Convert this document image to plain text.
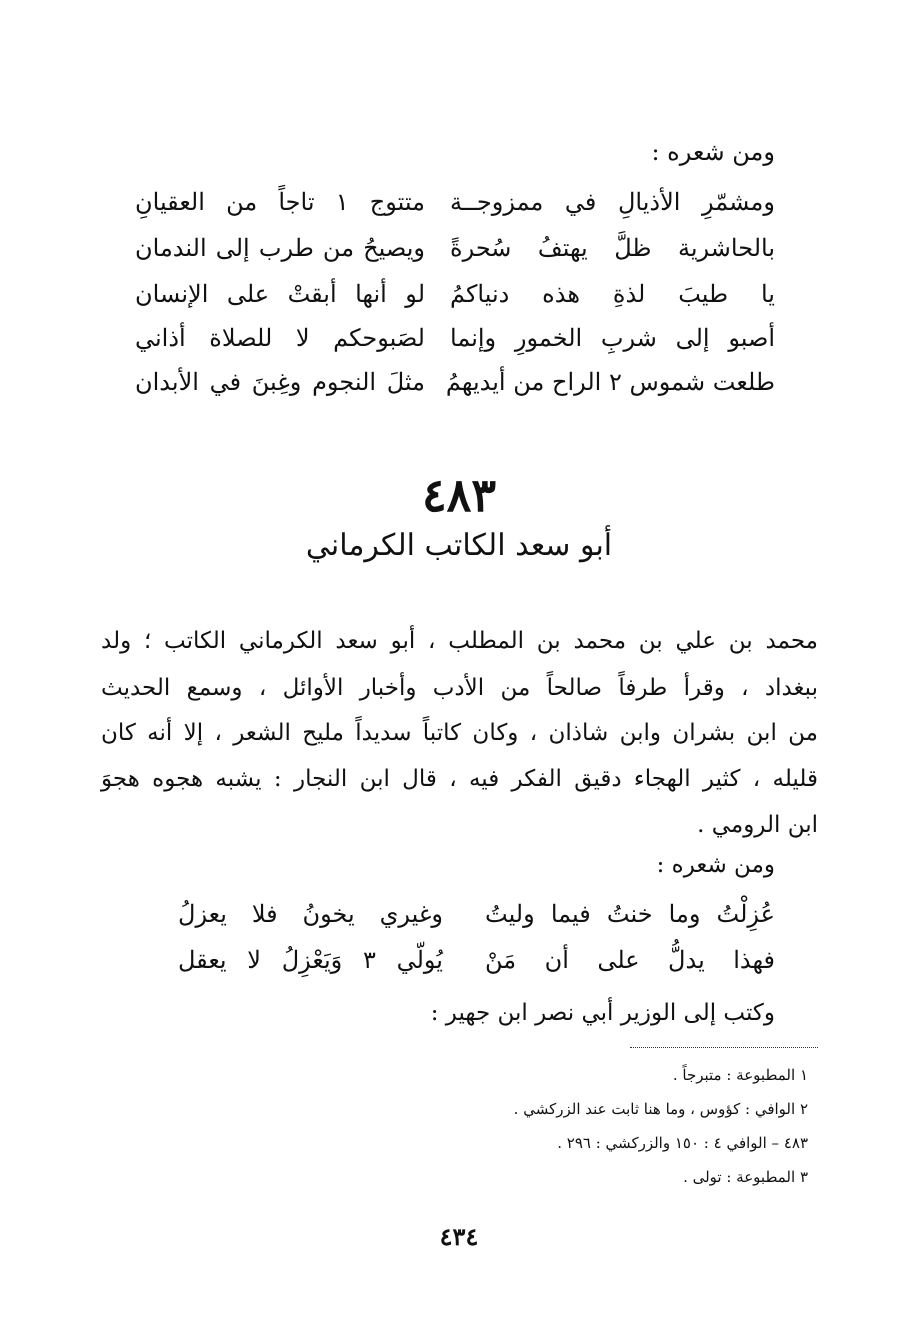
ومن شعره :
ومشمّرِ الأذيالِ في ممزوجــة
متتوج ١ تاجاً من العقيانِ
بالحاشرية ظلَّ يهتفُ سُحرةً
ويصيحُ من طرب إلى الندمان
يا طيبَ لذةِ هذه دنياكمُ
لو أنها أبقتْ على الإنسان
أصبو إلى شربِ الخمورِ وإنما
لصَبوحكم لا للصلاة أذاني
طلعت شموس ٢ الراح من أيديهمُ
مثلَ النجوم وغِبنَ في الأبدان
٤٨٣
أبو سعد الكاتب الكرماني
محمد بن علي بن محمد بن المطلب ، أبو سعد الكرماني الكاتب ؛ ولد
ببغداد ، وقرأ طرفاً صالحاً من الأدب وأخبار الأوائل ، وسمع الحديث
من ابن بشران وابن شاذان ، وكان كاتباً سديداً مليح الشعر ، إلا أنه كان
قليله ، كثير الهجاء دقيق الفكر فيه ، قال ابن النجار : يشبه هجوه هجوَ
ابن الرومي .
ومن شعره :
عُزِلْتُ وما خنتُ فيما وليتُ
وغيري يخونُ فلا يعزلُ
فهذا يدلُّ على أن مَنْ
يُولّي ٣ وَيَعْزِلُ لا يعقل
وكتب إلى الوزير أبي نصر ابن جهير :
١ المطبوعة : متبرجاً .
٢ الوافي : كؤوس ، وما هنا ثابت عند الزركشي .
٤٨٣ – الوافي ٤ : ١٥٠ والزركشي : ٢٩٦ .
٣ المطبوعة : تولى .
٤٣٤
